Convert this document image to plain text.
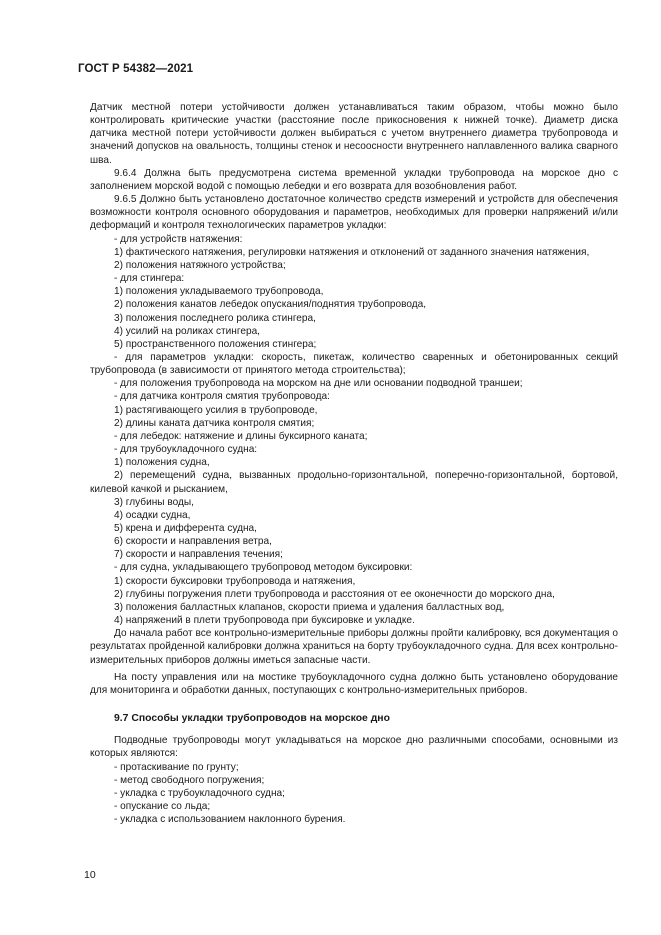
ГОСТ Р 54382—2021

Датчик местной потери устойчивости должен устанавливаться таким образом, чтобы можно было контролировать критические участки (расстояние после прикосновения к нижней точке). Диаметр диска датчика местной потери устойчивости должен выбираться с учетом внутреннего диаметра трубопровода и значений допусков на овальность, толщины стенок и несоосности внутреннего наплавленного валика сварного шва.

9.6.4 Должна быть предусмотрена система временной укладки трубопровода на морское дно с заполнением морской водой с помощью лебедки и его возврата для возобновления работ.

9.6.5 Должно быть установлено достаточное количество средств измерений и устройств для обеспечения возможности контроля основного оборудования и параметров, необходимых для проверки напряжений и/или деформаций и контроля технологических параметров укладки:

- для устройств натяжения:

1) фактического натяжения, регулировки натяжения и отклонений от заданного значения натяжения,

2) положения натяжного устройства;

- для стингера:

1) положения укладываемого трубопровода,

2) положения канатов лебедок опускания/поднятия трубопровода,

3) положения последнего ролика стингера,

4) усилий на роликах стингера,

5) пространственного положения стингера;

- для параметров укладки: скорость, пикетаж, количество сваренных и обетонированных секций трубопровода (в зависимости от принятого метода строительства);

- для положения трубопровода на морском на дне или основании подводной траншеи;

- для датчика контроля смятия трубопровода:

1) растягивающего усилия в трубопроводе,

2) длины каната датчика контроля смятия;

- для лебедок: натяжение и длины буксирного каната;

- для трубоукладочного судна:

1) положения судна,

2) перемещений судна, вызванных продольно-горизонтальной, поперечно-горизонтальной, бортовой, килевой качкой и рысканием,

3) глубины воды,

4) осадки судна,

5) крена и дифферента судна,

6) скорости и направления ветра,

7) скорости и направления течения;

- для судна, укладывающего трубопровод методом буксировки:

1) скорости буксировки трубопровода и натяжения,

2) глубины погружения плети трубопровода и расстояния от ее оконечности до морского дна,

3) положения балластных клапанов, скорости приема и удаления балластных вод,

4) напряжений в плети трубопровода при буксировке и укладке.

До начала работ все контрольно-измерительные приборы должны пройти калибровку, вся документация о результатах пройденной калибровки должна храниться на борту трубоукладочного судна. Для всех контрольно-измерительных приборов должны иметься запасные части.

На посту управления или на мостике трубоукладочного судна должно быть установлено оборудование для мониторинга и обработки данных, поступающих с контрольно-измерительных приборов.

9.7 Способы укладки трубопроводов на морское дно

Подводные трубопроводы могут укладываться на морское дно различными способами, основными из которых являются:

- протаскивание по грунту;

- метод свободного погружения;

- укладка с трубоукладочного судна;

- опускание со льда;

- укладка с использованием наклонного бурения.

10
